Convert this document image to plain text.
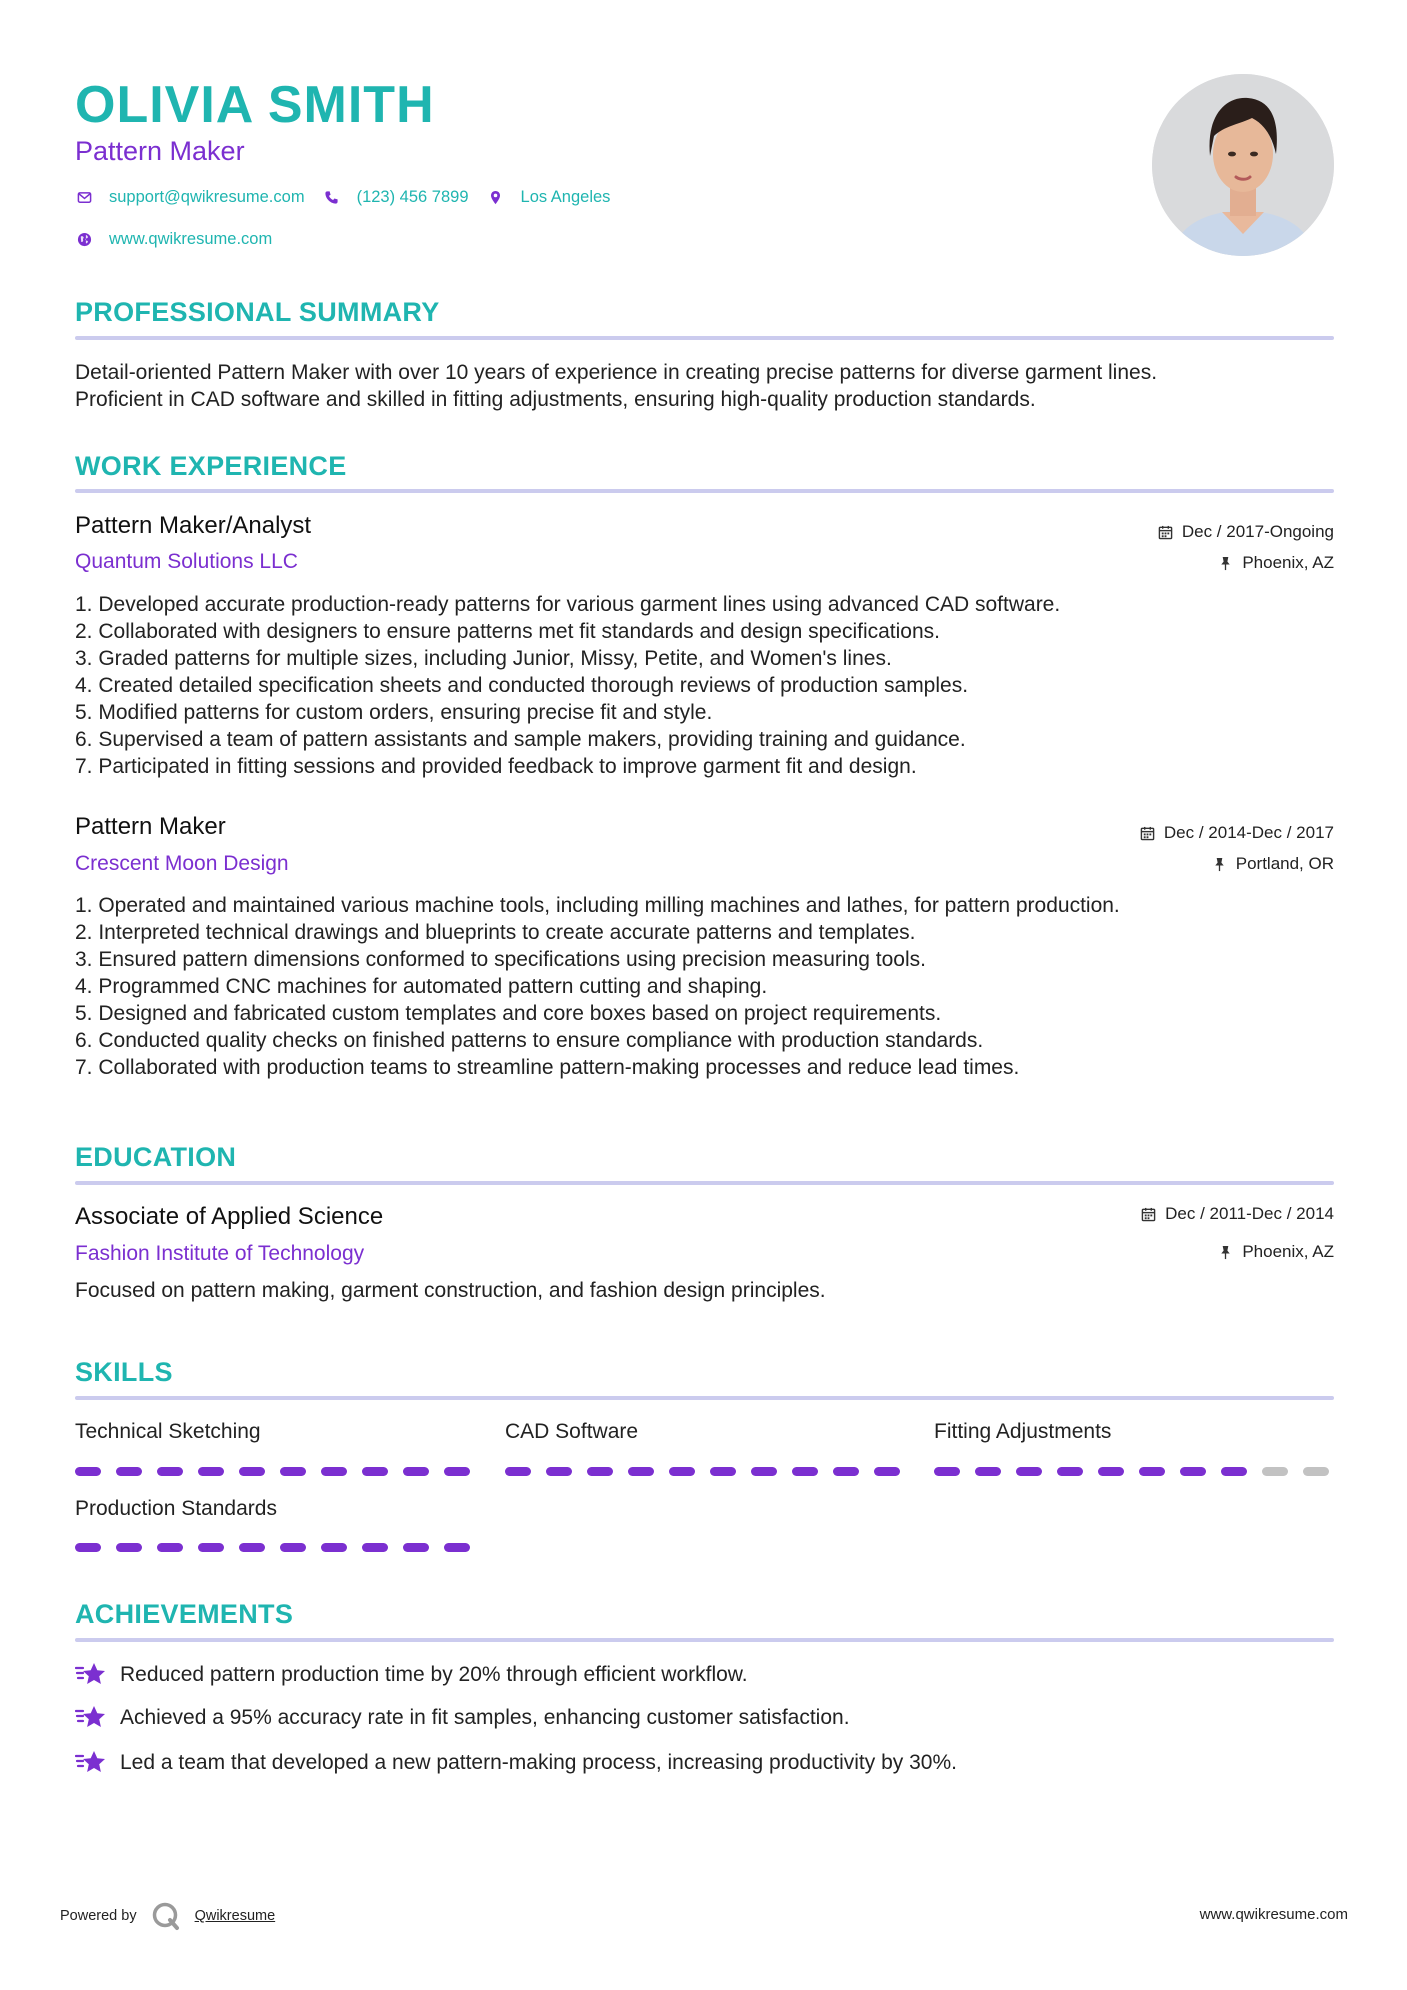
OLIVIA SMITH
Pattern Maker
support@qwikresume.com	(123) 456 7899	Los Angeles
www.qwikresume.com
PROFESSIONAL SUMMARY
Detail-oriented Pattern Maker with over 10 years of experience in creating precise patterns for diverse garment lines.
Proficient in CAD software and skilled in fitting adjustments, ensuring high-quality production standards.
WORK EXPERIENCE
Pattern Maker/Analyst	Dec / 2017-Ongoing
Quantum Solutions LLC	Phoenix, AZ
1. Developed accurate production-ready patterns for various garment lines using advanced CAD software.
2. Collaborated with designers to ensure patterns met fit standards and design specifications.
3. Graded patterns for multiple sizes, including Junior, Missy, Petite, and Women's lines.
4. Created detailed specification sheets and conducted thorough reviews of production samples.
5. Modified patterns for custom orders, ensuring precise fit and style.
6. Supervised a team of pattern assistants and sample makers, providing training and guidance.
7. Participated in fitting sessions and provided feedback to improve garment fit and design.
Pattern Maker	Dec / 2014-Dec / 2017
Crescent Moon Design	Portland, OR
1. Operated and maintained various machine tools, including milling machines and lathes, for pattern production.
2. Interpreted technical drawings and blueprints to create accurate patterns and templates.
3. Ensured pattern dimensions conformed to specifications using precision measuring tools.
4. Programmed CNC machines for automated pattern cutting and shaping.
5. Designed and fabricated custom templates and core boxes based on project requirements.
6. Conducted quality checks on finished patterns to ensure compliance with production standards.
7. Collaborated with production teams to streamline pattern-making processes and reduce lead times.
EDUCATION
Associate of Applied Science	Dec / 2011-Dec / 2014
Fashion Institute of Technology	Phoenix, AZ
Focused on pattern making, garment construction, and fashion design principles.
SKILLS
Technical Sketching	CAD Software	Fitting Adjustments
Production Standards
ACHIEVEMENTS
Reduced pattern production time by 20% through efficient workflow.
Achieved a 95% accuracy rate in fit samples, enhancing customer satisfaction.
Led a team that developed a new pattern-making process, increasing productivity by 30%.
Powered by	Qwikresume	www.qwikresume.com
